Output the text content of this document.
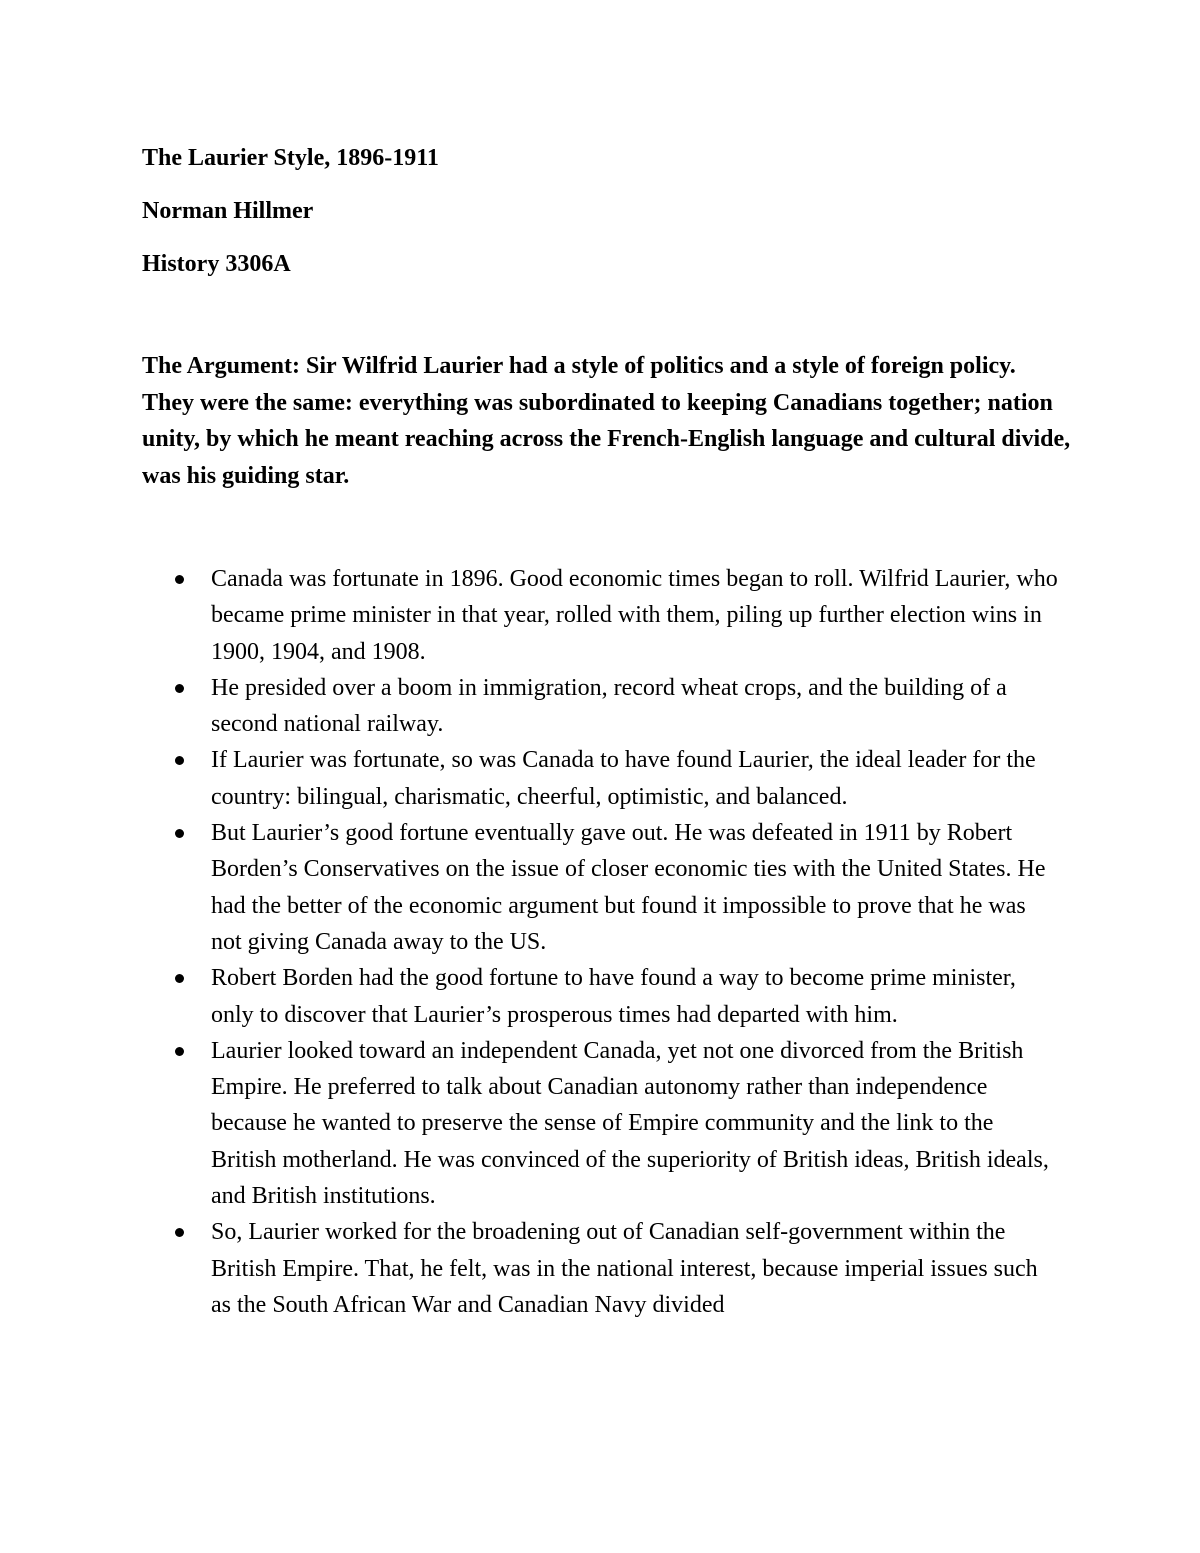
The Laurier Style, 1896-1911
Norman Hillmer
History 3306A
The Argument: Sir Wilfrid Laurier had a style of politics and a style of foreign policy. They were the same: everything was subordinated to keeping Canadians together; nation unity, by which he meant reaching across the French-English language and cultural divide, was his guiding star.
Canada was fortunate in 1896. Good economic times began to roll. Wilfrid Laurier, who became prime minister in that year, rolled with them, piling up further election wins in 1900, 1904, and 1908.
He presided over a boom in immigration, record wheat crops, and the building of a second national railway.
If Laurier was fortunate, so was Canada to have found Laurier, the ideal leader for the country: bilingual, charismatic, cheerful, optimistic, and balanced.
But Laurier’s good fortune eventually gave out. He was defeated in 1911 by Robert Borden’s Conservatives on the issue of closer economic ties with the United States. He had the better of the economic argument but found it impossible to prove that he was not giving Canada away to the US.
Robert Borden had the good fortune to have found a way to become prime minister, only to discover that Laurier’s prosperous times had departed with him.
Laurier looked toward an independent Canada, yet not one divorced from the British Empire. He preferred to talk about Canadian autonomy rather than independence because he wanted to preserve the sense of Empire community and the link to the British motherland. He was convinced of the superiority of British ideas, British ideals, and British institutions.
So, Laurier worked for the broadening out of Canadian self-government within the British Empire. That, he felt, was in the national interest, because imperial issues such as the South African War and Canadian Navy divided
